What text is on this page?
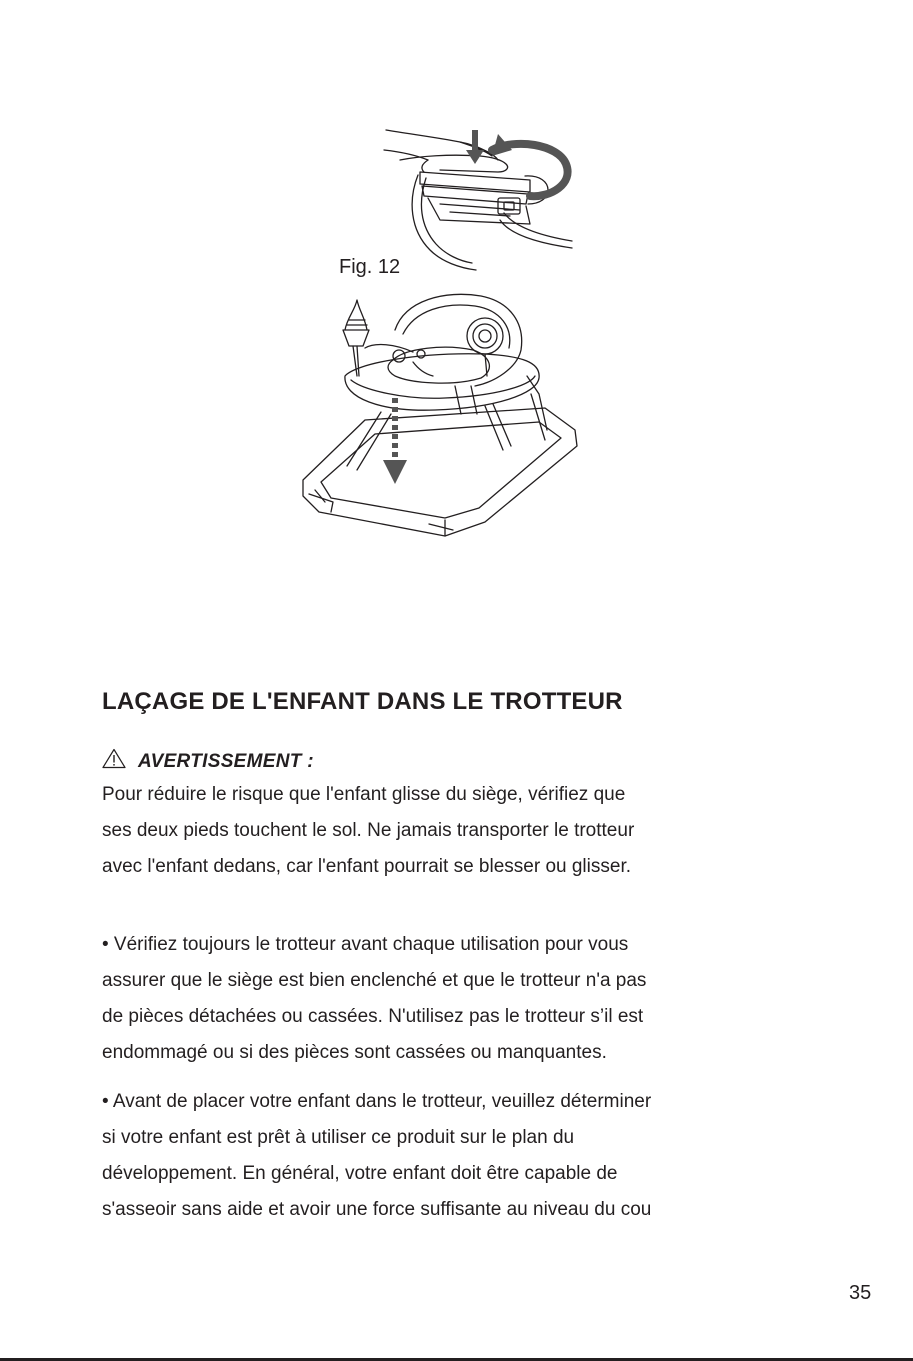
Fig. 12
LAÇAGE DE L'ENFANT DANS LE TROTTEUR
AVERTISSEMENT :

Pour réduire le risque que l'enfant glisse du siège, vérifiez que
ses deux pieds touchent le sol. Ne jamais transporter le trotteur
avec l'enfant dedans, car l'enfant pourrait se blesser ou glisser.

• Vérifiez toujours le trotteur avant chaque utilisation pour vous
assurer que le siège est bien enclenché et que le trotteur n'a pas
de pièces détachées ou cassées. N'utilisez pas le trotteur s’il est
endommagé ou si des pièces sont cassées ou manquantes.

• Avant de placer votre enfant dans le trotteur, veuillez déterminer
si votre enfant est prêt à utiliser ce produit sur le plan du
développement. En général, votre enfant doit être capable de
s'asseoir sans aide et avoir une force suffisante au niveau du cou

35
